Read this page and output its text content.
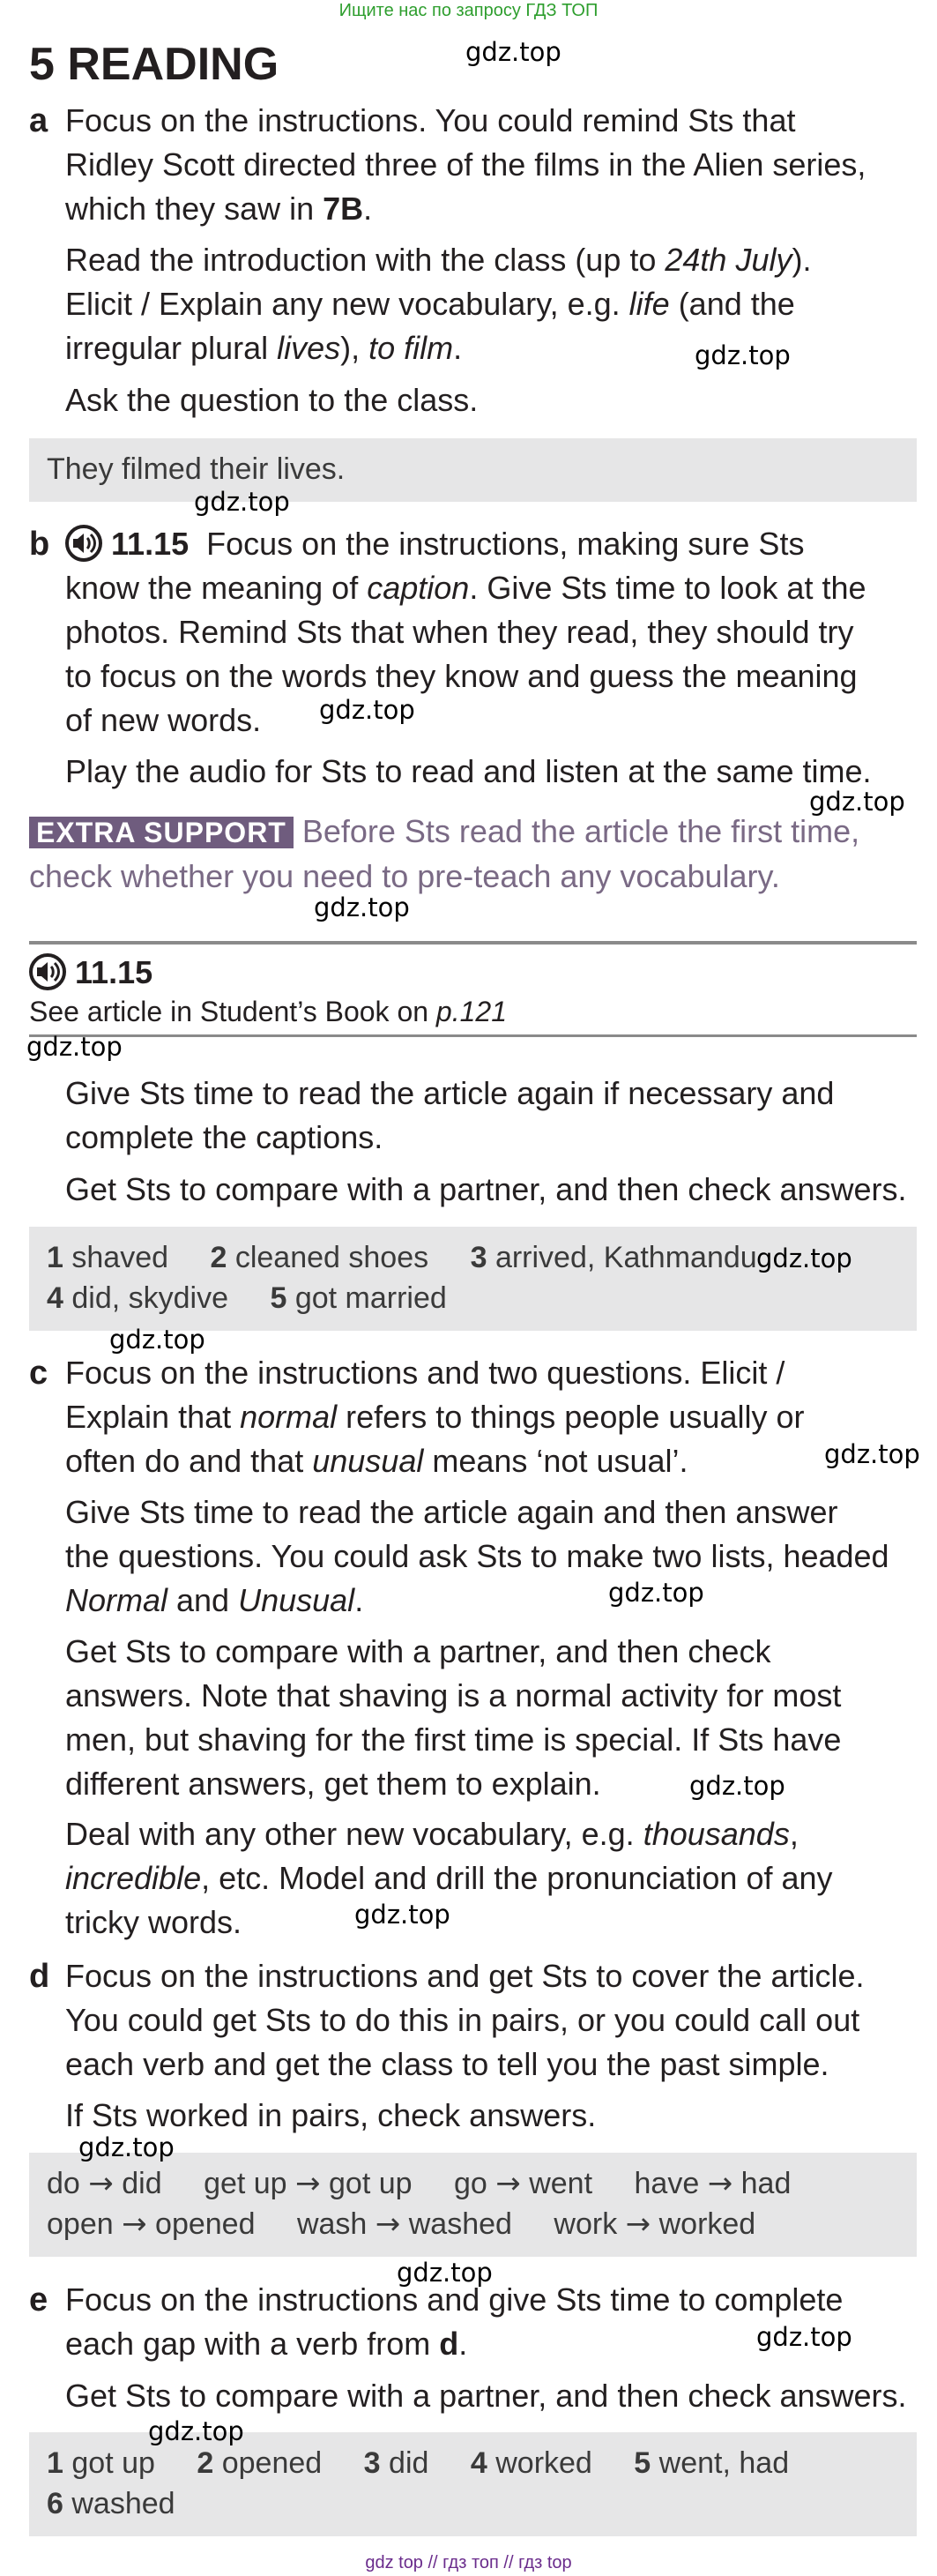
Ищите нас по запросу ГДЗ ТОП
5 READING
a Focus on the instructions. You could remind Sts that
Ridley Scott directed three of the films in the Alien series,
which they saw in 7B.
Read the introduction with the class (up to 24th July).
Elicit / Explain any new vocabulary, e.g. life (and the
irregular plural lives), to film.
Ask the question to the class.
They filmed their lives.
b	11.15 Focus on the instructions, making sure Sts
know the meaning of caption. Give Sts time to look at the
photos. Remind Sts that when they read, they should try
to focus on the words they know and guess the meaning
of new words.
Play the audio for Sts to read and listen at the same time.
EXTRA SUPPORT Before Sts read the article the first time,
check whether you need to pre-teach any vocabulary.
11.15
See article in Student’s Book on p.121
Give Sts time to read the article again if necessary and
complete the captions.
Get Sts to compare with a partner, and then check answers.
1 shaved 2 cleaned shoes 3 arrived, Kathmandu
4 did, skydive 5 got married
c Focus on the instructions and two questions. Elicit /
Explain that normal refers to things people usually or
often do and that unusual means ‘not usual’.
Give Sts time to read the article again and then answer
the questions. You could ask Sts to make two lists, headed
Normal and Unusual.
Get Sts to compare with a partner, and then check
answers. Note that shaving is a normal activity for most
men, but shaving for the first time is special. If Sts have
different answers, get them to explain.
Deal with any other new vocabulary, e.g. thousands,
incredible, etc. Model and drill the pronunciation of any
tricky words.
d Focus on the instructions and get Sts to cover the article.
You could get Sts to do this in pairs, or you could call out
each verb and get the class to tell you the past simple.
If Sts worked in pairs, check answers.
do → did get up → got up go → went have → had
open → opened wash → washed work → worked
e Focus on the instructions and give Sts time to complete
each gap with a verb from d.
Get Sts to compare with a partner, and then check answers.
1 got up 2 opened 3 did 4 worked 5 went, had
6 washed
gdz top // гдз топ // гдз top
gdz.top
gdz.top
gdz.top
gdz.top
gdz.top
gdz.top
gdz.top
gdz.top
gdz.top
gdz.top
gdz.top
gdz.top
gdz.top
gdz.top
gdz.top
gdz.top
gdz.top
